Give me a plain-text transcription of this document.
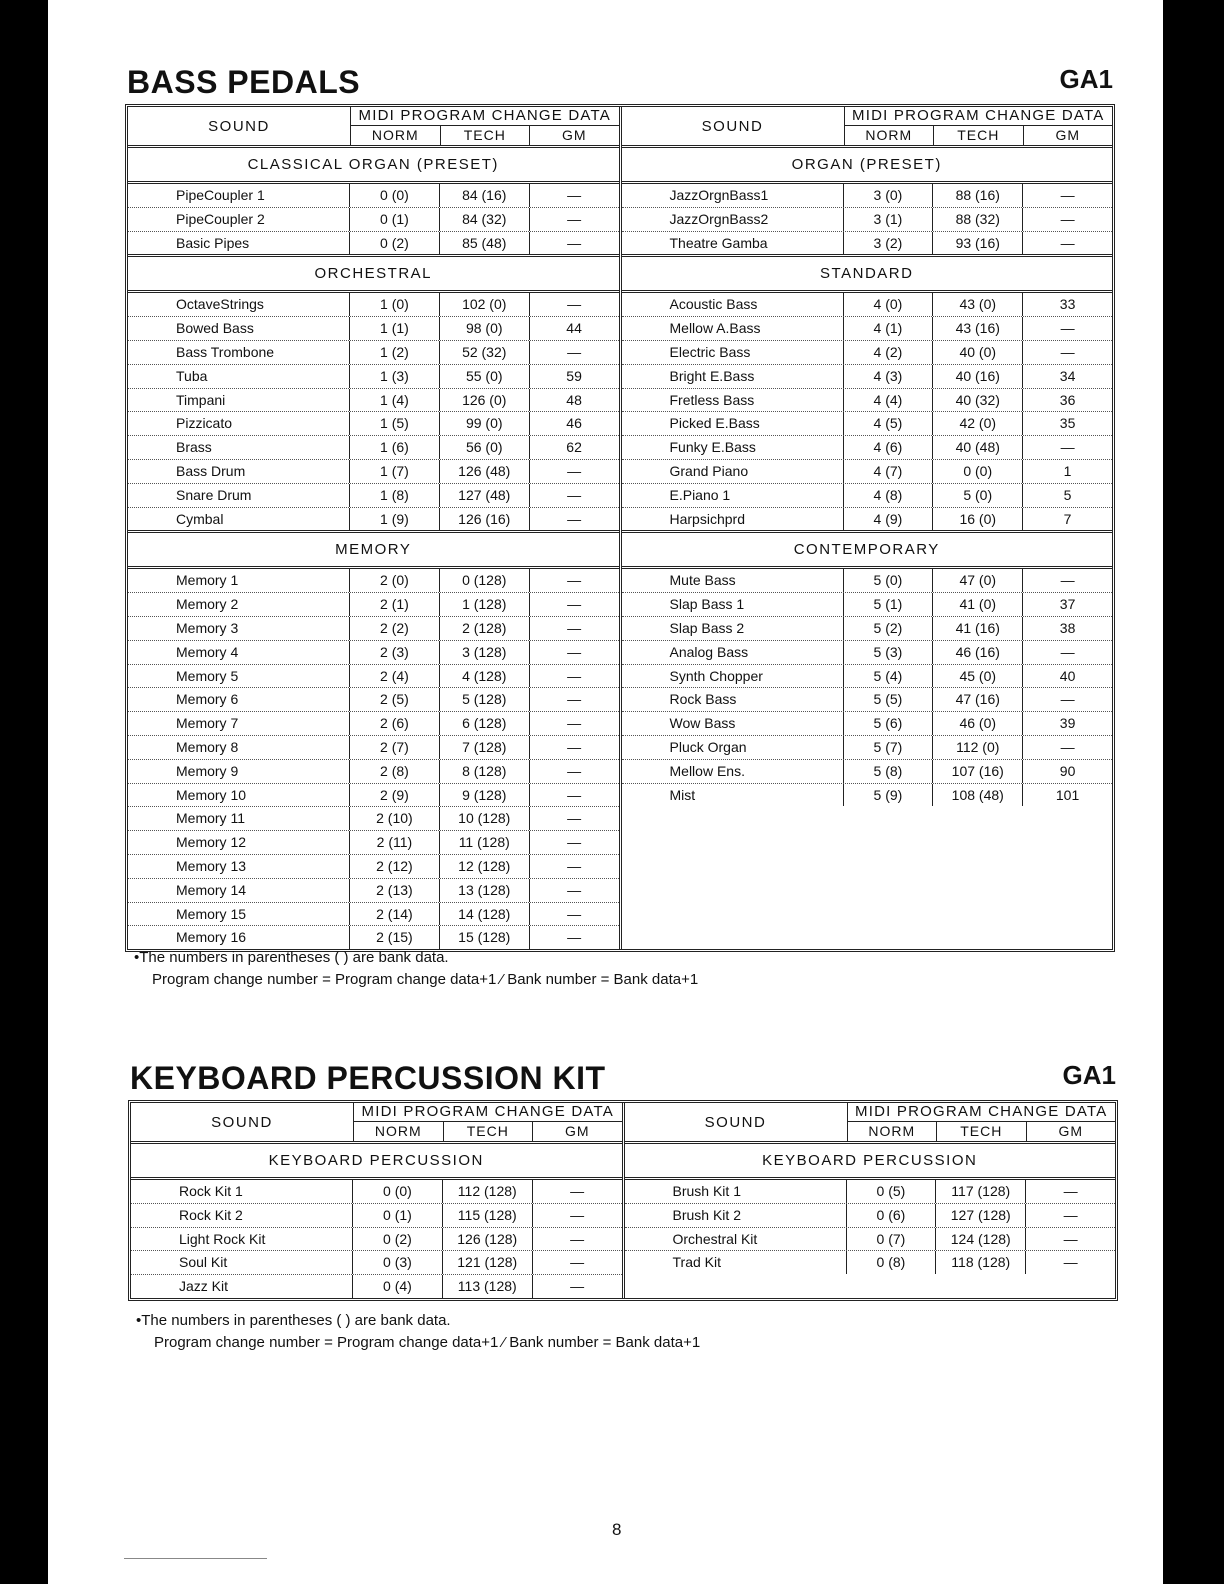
BASS PEDALS	GA1
SOUND
MIDI PROGRAM CHANGE DATA
NORM	TECH	GM
CLASSICAL ORGAN (PRESET)
PipeCoupler 1	0 (0)	84 (16)	—
PipeCoupler 2	0 (1)	84 (32)	—
Basic Pipes	0 (2)	85 (48)	—
ORCHESTRAL
OctaveStrings	1 (0)	102 (0)	—
Bowed Bass	1 (1)	98 (0)	44
Bass Trombone	1 (2)	52 (32)	—
Tuba	1 (3)	55 (0)	59
Timpani	1 (4)	126 (0)	48
Pizzicato	1 (5)	99 (0)	46
Brass	1 (6)	56 (0)	62
Bass Drum	1 (7)	126 (48)	—
Snare Drum	1 (8)	127 (48)	—
Cymbal	1 (9)	126 (16)	—
MEMORY
Memory 1	2 (0)	0 (128)	—
Memory 2	2 (1)	1 (128)	—
Memory 3	2 (2)	2 (128)	—
Memory 4	2 (3)	3 (128)	—
Memory 5	2 (4)	4 (128)	—
Memory 6	2 (5)	5 (128)	—
Memory 7	2 (6)	6 (128)	—
Memory 8	2 (7)	7 (128)	—
Memory 9	2 (8)	8 (128)	—
Memory 10	2 (9)	9 (128)	—
Memory 11	2 (10)	10 (128)	—
Memory 12	2 (11)	11 (128)	—
Memory 13	2 (12)	12 (128)	—
Memory 14	2 (13)	13 (128)	—
Memory 15	2 (14)	14 (128)	—
Memory 16	2 (15)	15 (128)	—
SOUND
MIDI PROGRAM CHANGE DATA
NORM	TECH	GM
ORGAN (PRESET)
JazzOrgnBass1	3 (0)	88 (16)	—
JazzOrgnBass2	3 (1)	88 (32)	—
Theatre Gamba	3 (2)	93 (16)	—
STANDARD
Acoustic Bass	4 (0)	43 (0)	33
Mellow A.Bass	4 (1)	43 (16)	—
Electric Bass	4 (2)	40 (0)	—
Bright E.Bass	4 (3)	40 (16)	34
Fretless Bass	4 (4)	40 (32)	36
Picked E.Bass	4 (5)	42 (0)	35
Funky E.Bass	4 (6)	40 (48)	—
Grand Piano	4 (7)	0 (0)	1
E.Piano 1	4 (8)	5 (0)	5
Harpsichprd	4 (9)	16 (0)	7
CONTEMPORARY
Mute Bass	5 (0)	47 (0)	—
Slap Bass 1	5 (1)	41 (0)	37
Slap Bass 2	5 (2)	41 (16)	38
Analog Bass	5 (3)	46 (16)	—
Synth Chopper	5 (4)	45 (0)	40
Rock Bass	5 (5)	47 (16)	—
Wow Bass	5 (6)	46 (0)	39
Pluck Organ	5 (7)	112 (0)	—
Mellow Ens.	5 (8)	107 (16)	90
Mist	5 (9)	108 (48)	101
•The numbers in parentheses ( ) are bank data.
Program change number = Program change data+1 ⁄ Bank number = Bank data+1
KEYBOARD PERCUSSION KIT	GA1
SOUND
MIDI PROGRAM CHANGE DATA
NORM	TECH	GM
KEYBOARD PERCUSSION
Rock Kit 1	0 (0)	112 (128)	—
Rock Kit 2	0 (1)	115 (128)	—
Light Rock Kit	0 (2)	126 (128)	—
Soul Kit	0 (3)	121 (128)	—
Jazz Kit	0 (4)	113 (128)	—
SOUND
MIDI PROGRAM CHANGE DATA
NORM	TECH	GM
KEYBOARD PERCUSSION
Brush Kit 1	0 (5)	117 (128)	—
Brush Kit 2	0 (6)	127 (128)	—
Orchestral Kit	0 (7)	124 (128)	—
Trad Kit	0 (8)	118 (128)	—
•The numbers in parentheses ( ) are bank data.
Program change number = Program change data+1 ⁄ Bank number = Bank data+1
8
